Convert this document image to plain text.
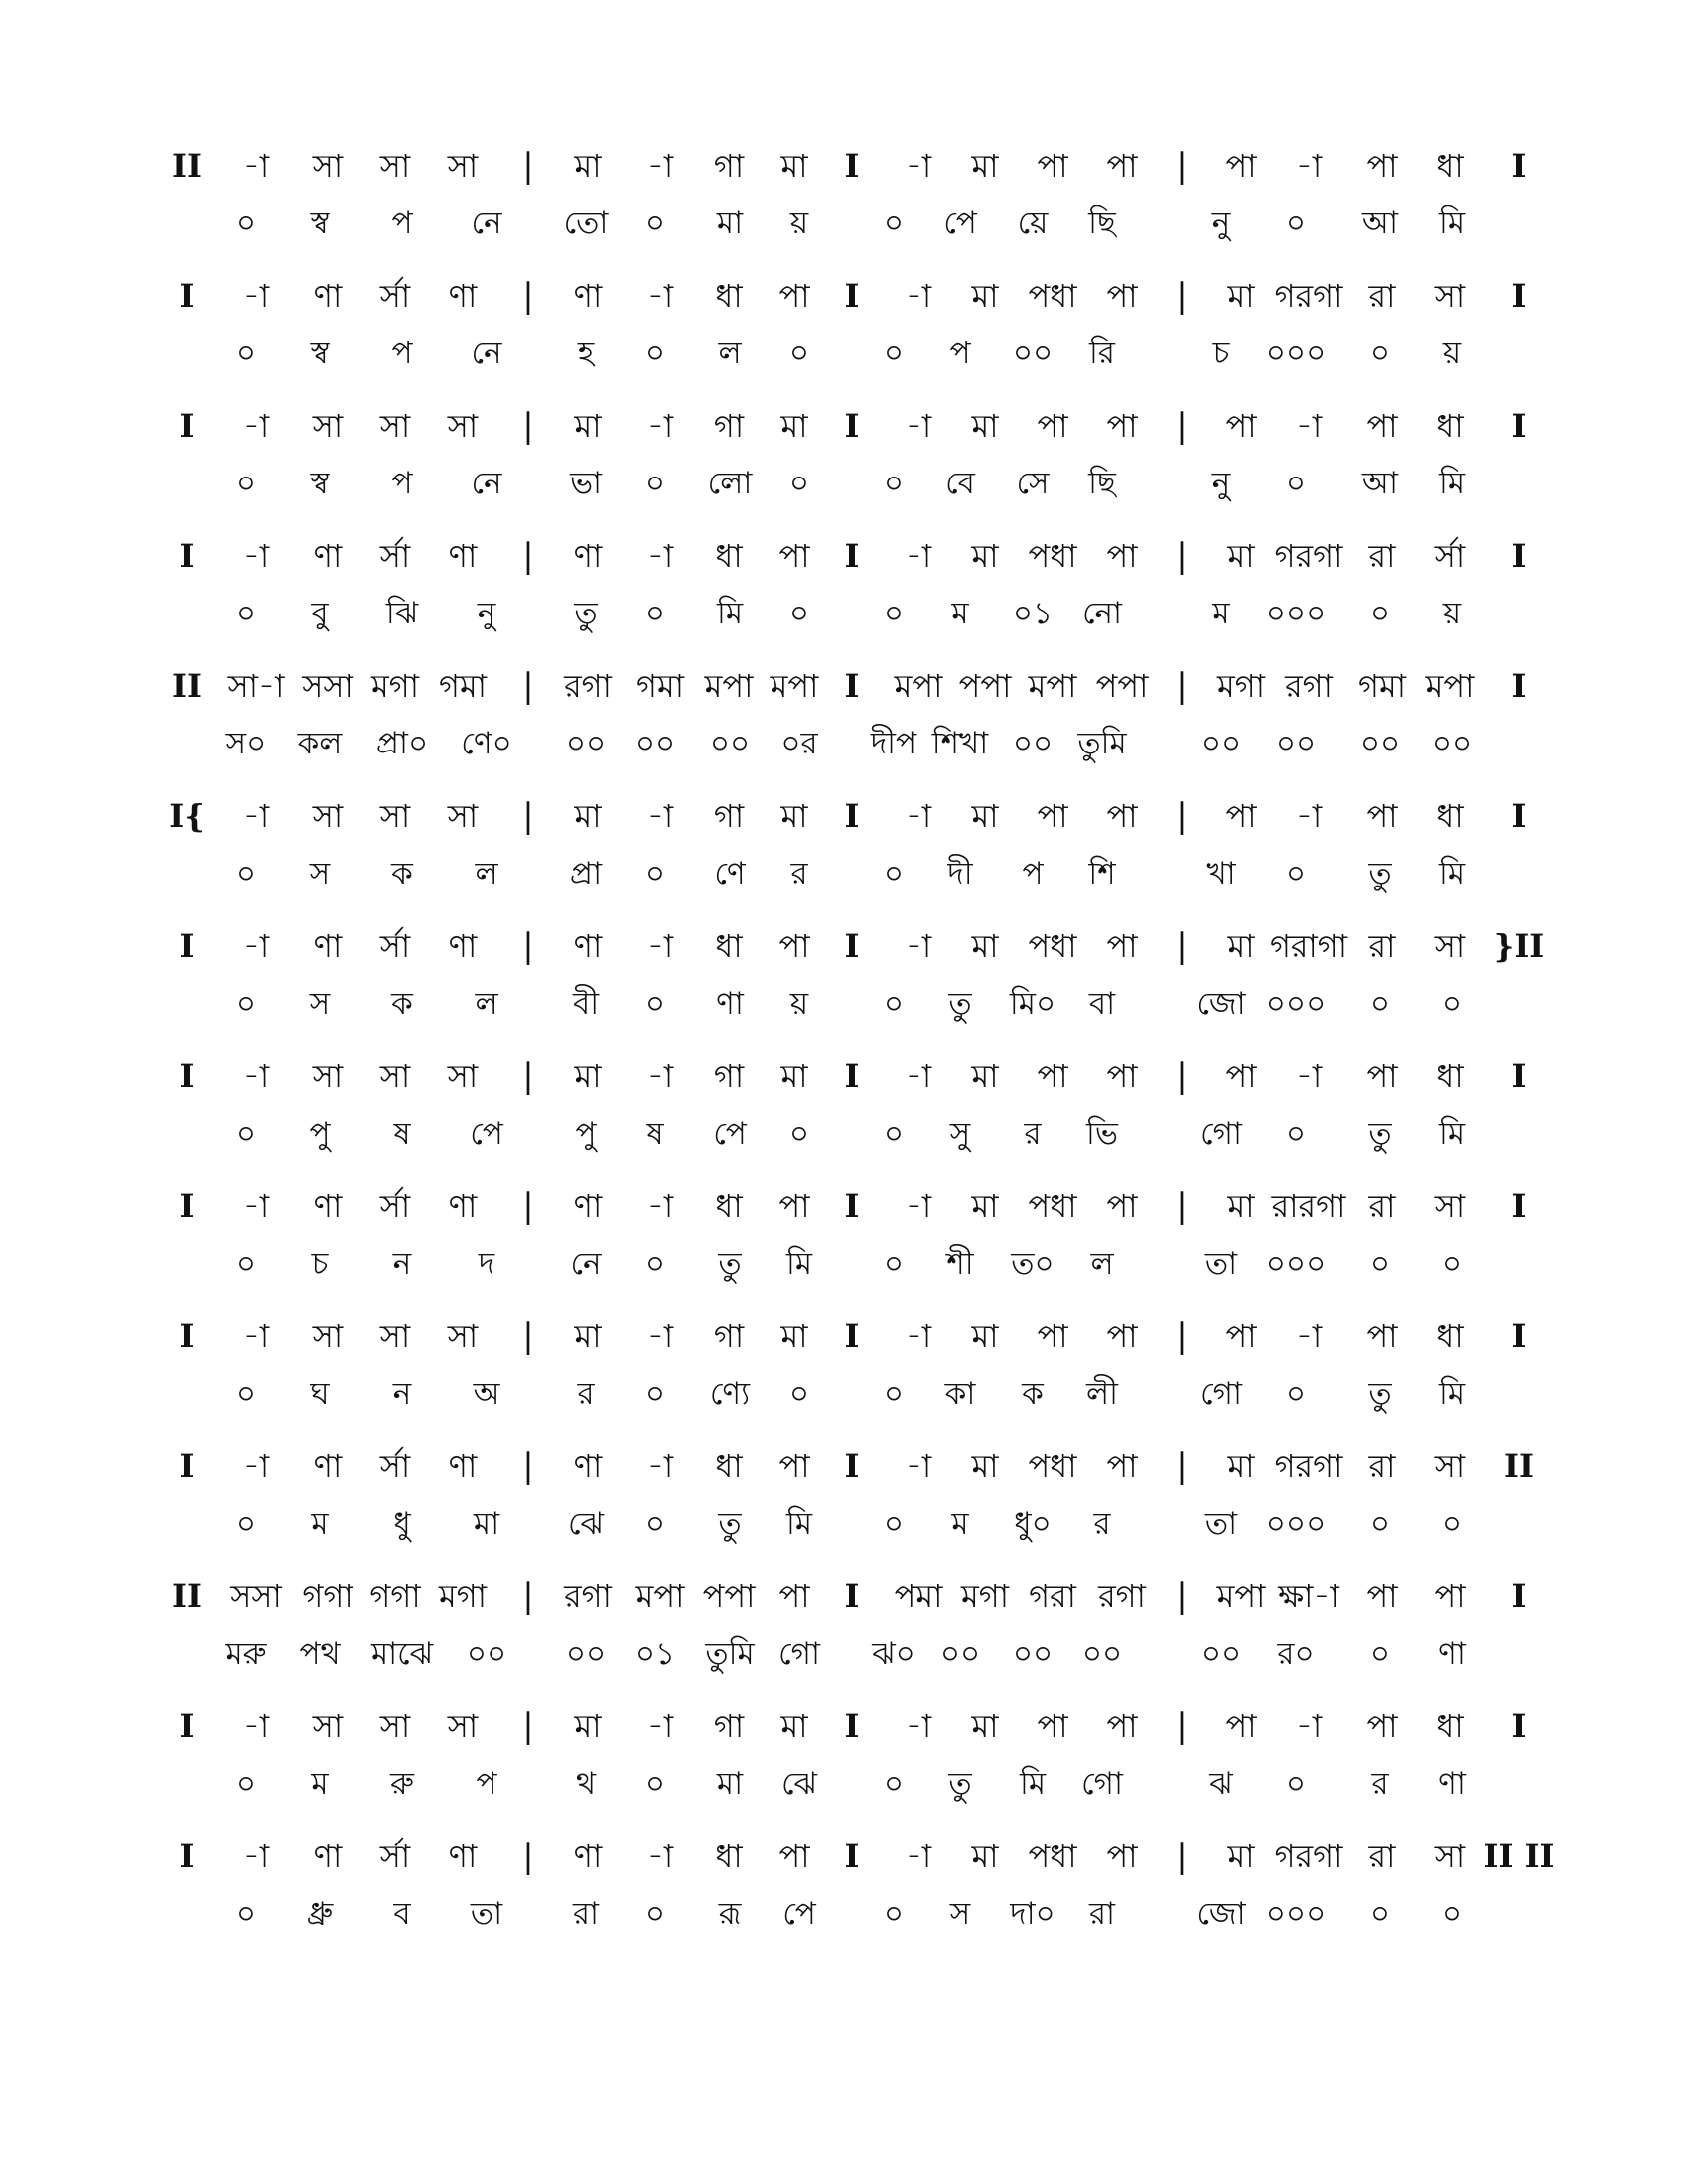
II -া সা সা সা | মা -া গা মা I -া মা পা পা | পা -া পা ধা I
০ স্ব প নে তো ০ মা য় ০ পে য়ে ছি	নু ০ আ মি
I -া ণা র্সা ণা | ণা -া ধা পা I -া মা পধা পা | মা গরগা রা সা I
০ স্ব প নে হ ০ ল ০ ০ প ০০ রি	চ ০০০ ০ য়
I -া সা সা সা | মা -া গা মা I -া মা পা পা | পা -া পা ধা I
০ স্ব প নে ভা ০ লো ০ ০ বে সে ছি	নু ০ আ মি
I -া ণা র্সা ণা | ণা -া ধা পা I -া মা পধা পা | মা গরগা রা র্সা I
০ বু ঝি নু	তু ০ মি ০ ০ ম ০১ নো	ম ০০০ ০ য়
II সা-া সসা মগা গমা | রগা গমা মপা মপা I মপা পপা মপা পপা | মগা রগা গমা মপা I
স০ কল প্রা০ ণে০ ০০ ০০ ০০ ০র দীপ শিখা ০০ তুমি ০০ ০০ ০০ ০০
I{ -া সা সা সা | মা -া গা মা I -া মা পা পা | পা -া পা ধা I
০ স ক ল প্রা ০ ণে র ০ দী প শি	খা ০ তু মি
I -া ণা র্সা ণা | ণা -া ধা পা I -া মা পধা পা | মা গরাগা রা সা }II
০ স ক ল বী ০ ণা য় ০ তু মি০ বা	জো ০০০ ০ ০
I -া সা সা সা | মা -া গা মা I -া মা পা পা | পা -া পা ধা I
০ পু ষ পে পু ষ পে ০ ০ সু র ভি	গো ০ তু মি
I -া ণা র্সা ণা | ণা -া ধা পা I -া মা পধা পা | মা রারগা রা সা I
০ চ ন দ নে ০ তু মি ০ শী ত০ ল	তা ০০০ ০ ০
I -া সা সা সা | মা -া গা মা I -া মা পা পা | পা -া পা ধা I
০ ঘ ন অ	র ০ ণ্যে ০ ০ কা ক লী	গো ০ তু মি
I -া ণা র্সা ণা | ণা -া ধা পা I -া মা পধা পা | মা গরগা রা সা II
০ ম ধু মা ঝে ০ তু মি ০ ম ধু০ র	তা ০০০ ০ ০
II সসা গগা গগা মগা | রগা মপা পপা পা I পমা মগা গরা রগা | মপা ক্ষা-া পা পা I
মরু পথ মাঝে ০০ ০০ ০১ তুমি গো ঝ০ ০০ ০০ ০০	০০ র০ ০ ণা
I -া সা সা সা | মা -া গা মা I -া মা পা পা | পা -া পা ধা I
০ ম রু প	থ ০ মা ঝে ০ তু মি গো	ঝ ০ র ণা
I -া ণা র্সা ণা | ণা -া ধা পা I -া মা পধা পা | মা গরগা রা সা II II
০ ধ্রু ব তা রা ০ রূ পে ০ স দা০ রা	জো ০০০ ০ ০
